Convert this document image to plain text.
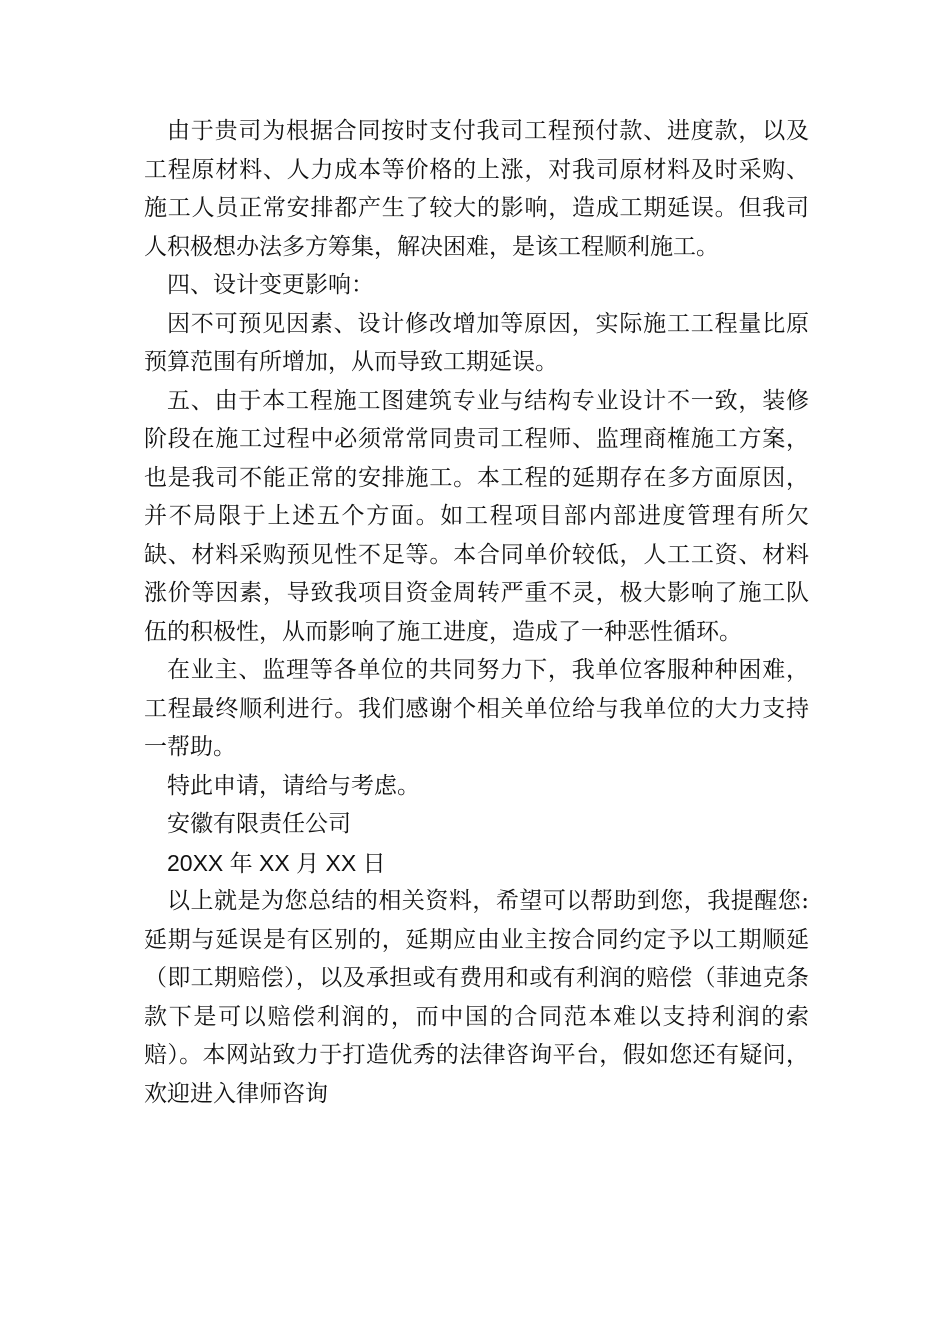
由于贵司为根据合同按时支付我司工程预付款、进度款，以及工程原材料、人力成本等价格的上涨，对我司原材料及时采购、施工人员正常安排都产生了较大的影响，造成工期延误。但我司人积极想办法多方筹集，解决困难，是该工程顺利施工。

四、设计变更影响：

因不可预见因素、设计修改增加等原因，实际施工工程量比原预算范围有所增加，从而导致工期延误。

五、由于本工程施工图建筑专业与结构专业设计不一致，装修阶段在施工过程中必须常常同贵司工程师、监理商榷施工方案，也是我司不能正常的安排施工。本工程的延期存在多方面原因，并不局限于上述五个方面。如工程项目部内部进度管理有所欠缺、材料采购预见性不足等。本合同单价较低，人工工资、材料涨价等因素，导致我项目资金周转严重不灵，极大影响了施工队伍的积极性，从而影响了施工进度，造成了一种恶性循环。

在业主、监理等各单位的共同努力下，我单位客服种种困难，工程最终顺利进行。我们感谢个相关单位给与我单位的大力支持一帮助。

特此申请，请给与考虑。

安徽有限责任公司

20XX 年 XX 月 XX 日

以上就是为您总结的相关资料，希望可以帮助到您，我提醒您:延期与延误是有区别的，延期应由业主按合同约定予以工期顺延（即工期赔偿），以及承担或有费用和或有利润的赔偿（菲迪克条款下是可以赔偿利润的，而中国的合同范本难以支持利润的索赔）。本网站致力于打造优秀的法律咨询平台，假如您还有疑问，欢迎进入律师咨询
